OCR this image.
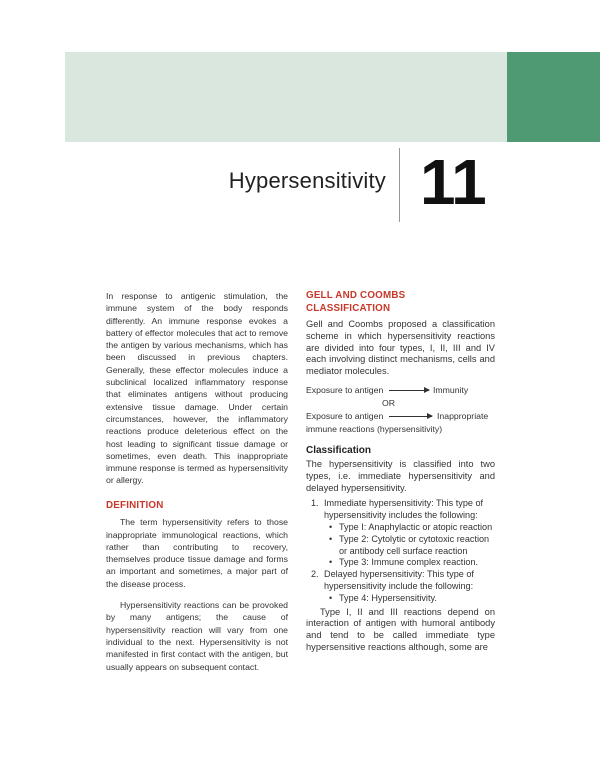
Hypersensitivity 11

In response to antigenic stimulation, the immune system of the body responds differently. An immune response evokes a battery of effector molecules that act to remove the antigen by various mechanisms, which has been discussed in previous chapters. Generally, these effector molecules induce a subclinical localized inflammatory response that eliminates antigens without producing extensive tissue damage. Under certain circumstances, however, the inflammatory reactions produce deleterious effect on the host leading to significant tissue damage or sometimes, even death. This inappropriate immune response is termed as hypersensitivity or allergy.

DEFINITION

The term hypersensitivity refers to those inappropriate immunological reactions, which rather than contributing to recovery, themselves produce tissue damage and forms an important and sometimes, a major part of the disease process.

Hypersensitivity reactions can be provoked by many antigens; the cause of hypersensitivity reaction will vary from one individual to the next. Hypersensitivity is not manifested in first contact with the antigen, but usually appears on subsequent contact.

GELL AND COOMBS
CLASSIFICATION

Gell and Coombs proposed a classification scheme in which hypersensitivity reactions are divided into four types, I, II, III and IV each involving distinct mechanisms, cells and mediator molecules.

Exposure to antigen	Immunity
OR
Exposure to antigen	Inappropriate
immune reactions (hypersensitivity)
Classification

The hypersensitivity is classified into two types, i.e. immediate hypersensitivity and delayed hypersensitivity.

1. Immediate hypersensitivity: This type of hypersensitivity includes the following:
• Type I: Anaphylactic or atopic reaction
• Type 2: Cytolytic or cytotoxic reaction or antibody cell surface reaction
• Type 3: Immune complex reaction.
2. Delayed hypersensitivity: This type of hypersensitivity include the following:
• Type 4: Hypersensitivity.

Type I, II and III reactions depend on interaction of antigen with humoral antibody and tend to be called immediate type hypersensitive reactions although, some are
